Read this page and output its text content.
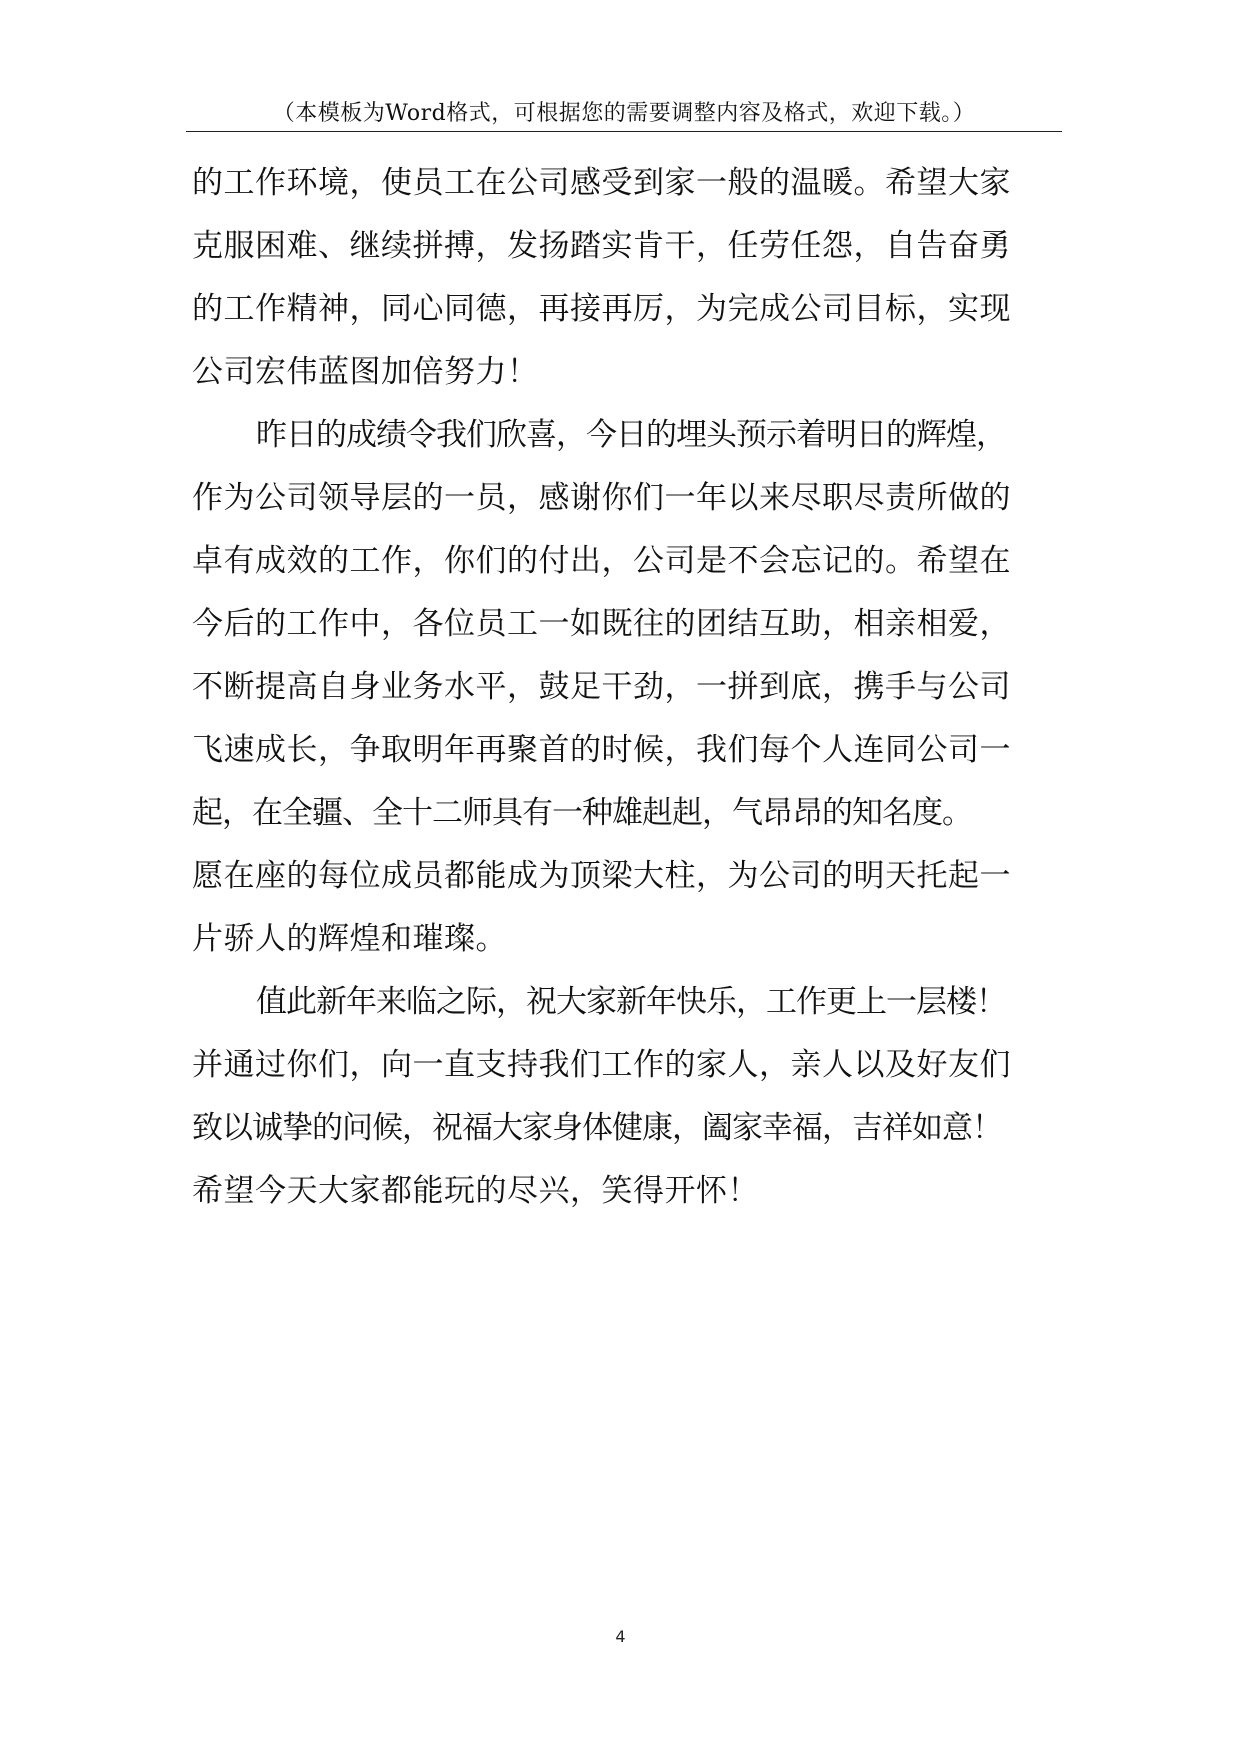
（本模板为Word格式，可根据您的需要调整内容及格式，欢迎下载。）
的工作环境，使员工在公司感受到家一般的温暖。希望大家
克服困难、继续拼搏，发扬踏实肯干，任劳任怨，自告奋勇
的工作精神，同心同德，再接再厉，为完成公司目标，实现
公司宏伟蓝图加倍努力！
昨日的成绩令我们欣喜，今日的埋头预示着明日的辉煌，
作为公司领导层的一员，感谢你们一年以来尽职尽责所做的
卓有成效的工作，你们的付出，公司是不会忘记的。希望在
今后的工作中，各位员工一如既往的团结互助，相亲相爱，
不断提高自身业务水平，鼓足干劲，一拼到底，携手与公司
飞速成长，争取明年再聚首的时候，我们每个人连同公司一
起，在全疆、全十二师具有一种雄赳赳，气昂昂的知名度。
愿在座的每位成员都能成为顶梁大柱，为公司的明天托起一
片骄人的辉煌和璀璨。
值此新年来临之际，祝大家新年快乐，工作更上一层楼！
并通过你们，向一直支持我们工作的家人，亲人以及好友们
致以诚挚的问候，祝福大家身体健康，阖家幸福，吉祥如意！
希望今天大家都能玩的尽兴，笑得开怀！
4
